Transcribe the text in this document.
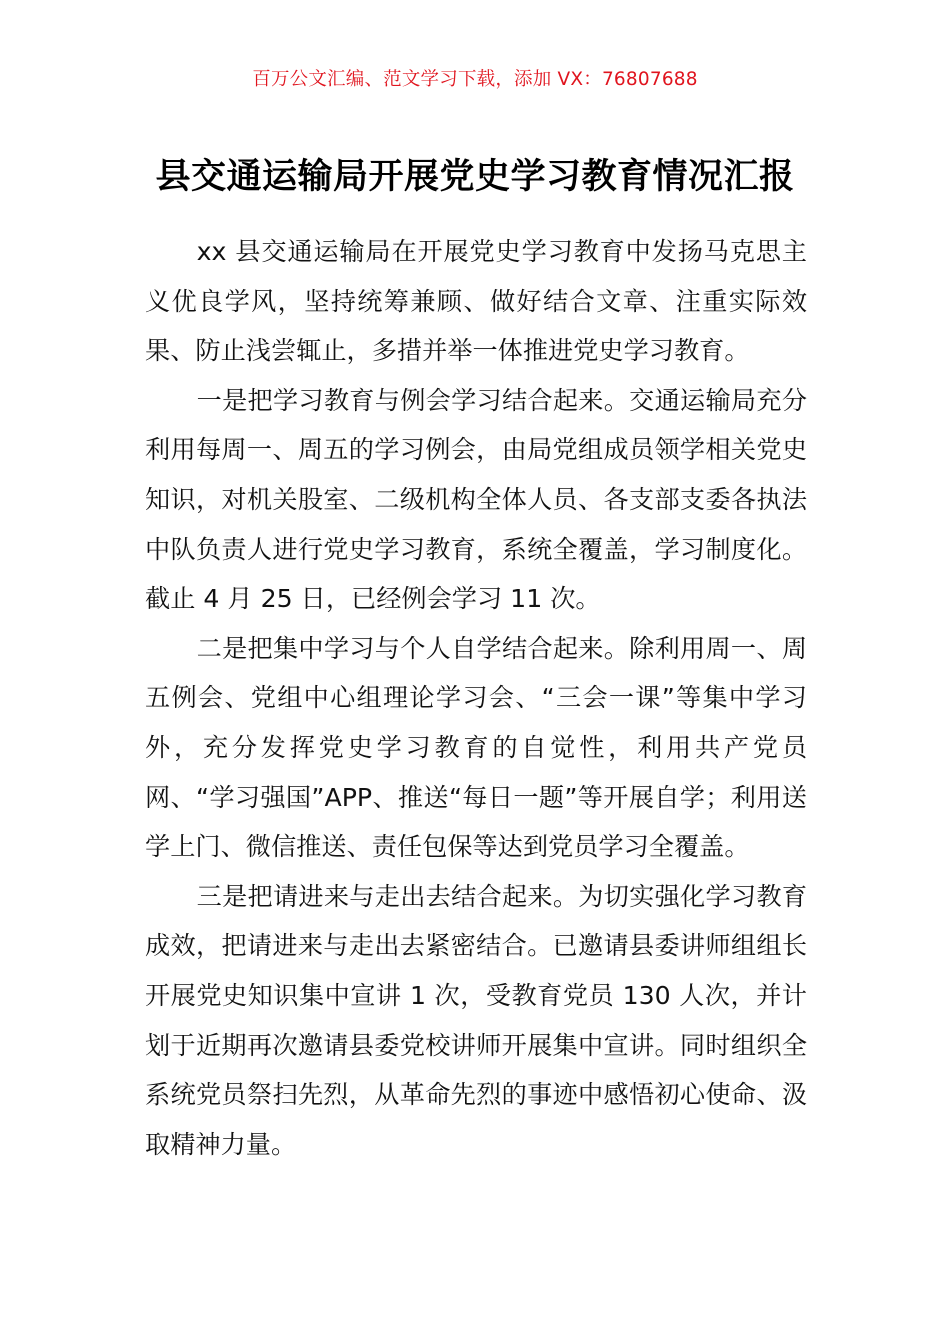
百万公文汇编、范文学习下载，添加 VX：76807688
县交通运输局开展党史学习教育情况汇报

xx 县交通运输局在开展党史学习教育中发扬马克思主义优良学风，坚持统筹兼顾、做好结合文章、注重实际效果、防止浅尝辄止，多措并举一体推进党史学习教育。

一是把学习教育与例会学习结合起来。交通运输局充分利用每周一、周五的学习例会，由局党组成员领学相关党史知识，对机关股室、二级机构全体人员、各支部支委各执法中队负责人进行党史学习教育，系统全覆盖，学习制度化。截止 4 月 25 日，已经例会学习 11 次。

二是把集中学习与个人自学结合起来。除利用周一、周五例会、党组中心组理论学习会、“三会一课”等集中学习外，充分发挥党史学习教育的自觉性，利用共产党员网、“学习强国”APP、推送“每日一题”等开展自学；利用送学上门、微信推送、责任包保等达到党员学习全覆盖。

三是把请进来与走出去结合起来。为切实强化学习教育成效，把请进来与走出去紧密结合。已邀请县委讲师组组长开展党史知识集中宣讲 1 次，受教育党员 130 人次，并计划于近期再次邀请县委党校讲师开展集中宣讲。同时组织全系统党员祭扫先烈，从革命先烈的事迹中感悟初心使命、汲取精神力量。
